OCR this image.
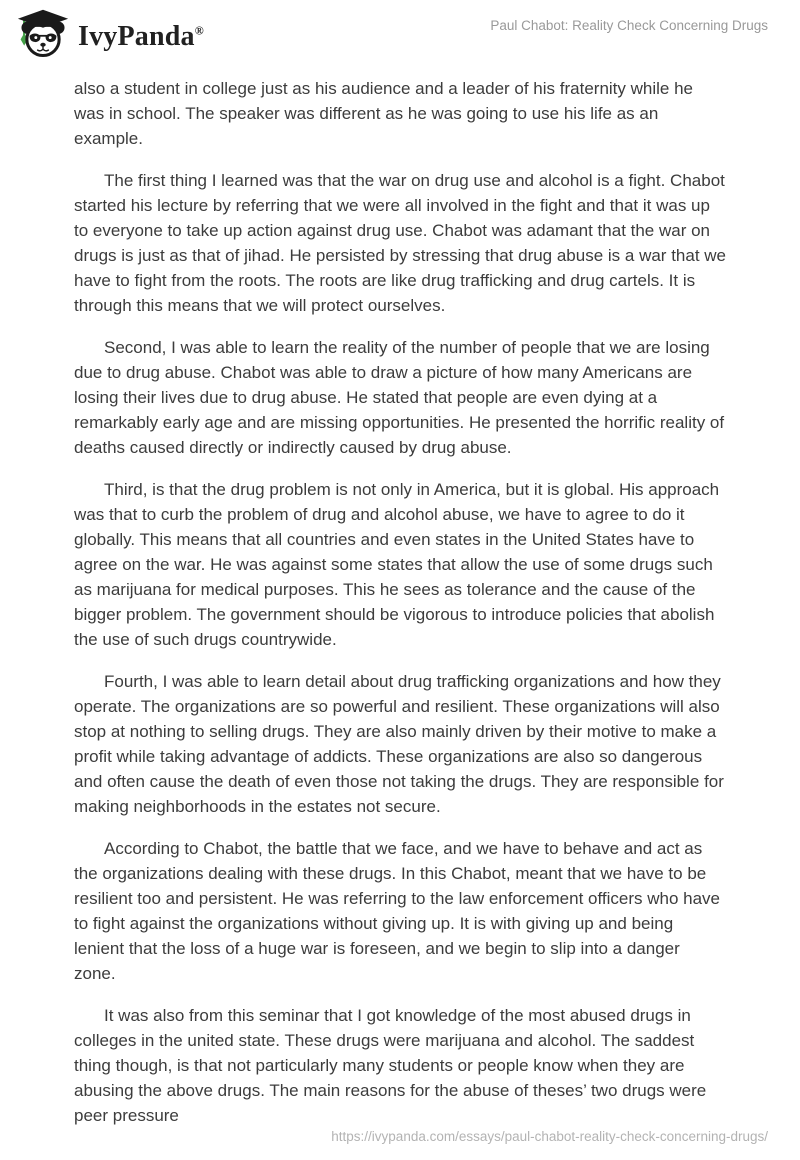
IvyPanda®	Paul Chabot: Reality Check Concerning Drugs

also a student in college just as his audience and a leader of his fraternity while he was in school. The speaker was different as he was going to use his life as an example.

The first thing I learned was that the war on drug use and alcohol is a fight. Chabot started his lecture by referring that we were all involved in the fight and that it was up to everyone to take up action against drug use. Chabot was adamant that the war on drugs is just as that of jihad. He persisted by stressing that drug abuse is a war that we have to fight from the roots. The roots are like drug trafficking and drug cartels. It is through this means that we will protect ourselves.

Second, I was able to learn the reality of the number of people that we are losing due to drug abuse. Chabot was able to draw a picture of how many Americans are losing their lives due to drug abuse. He stated that people are even dying at a remarkably early age and are missing opportunities. He presented the horrific reality of deaths caused directly or indirectly caused by drug abuse.

Third, is that the drug problem is not only in America, but it is global. His approach was that to curb the problem of drug and alcohol abuse, we have to agree to do it globally. This means that all countries and even states in the United States have to agree on the war. He was against some states that allow the use of some drugs such as marijuana for medical purposes. This he sees as tolerance and the cause of the bigger problem. The government should be vigorous to introduce policies that abolish the use of such drugs countrywide.

Fourth, I was able to learn detail about drug trafficking organizations and how they operate. The organizations are so powerful and resilient. These organizations will also stop at nothing to selling drugs. They are also mainly driven by their motive to make a profit while taking advantage of addicts. These organizations are also so dangerous and often cause the death of even those not taking the drugs. They are responsible for making neighborhoods in the estates not secure.

According to Chabot, the battle that we face, and we have to behave and act as the organizations dealing with these drugs. In this Chabot, meant that we have to be resilient too and persistent. He was referring to the law enforcement officers who have to fight against the organizations without giving up. It is with giving up and being lenient that the loss of a huge war is foreseen, and we begin to slip into a danger zone.

It was also from this seminar that I got knowledge of the most abused drugs in colleges in the united state. These drugs were marijuana and alcohol. The saddest thing though, is that not particularly many students or people know when they are abusing the above drugs. The main reasons for the abuse of theses’ two drugs were peer pressure

https://ivypanda.com/essays/paul-chabot-reality-check-concerning-drugs/
